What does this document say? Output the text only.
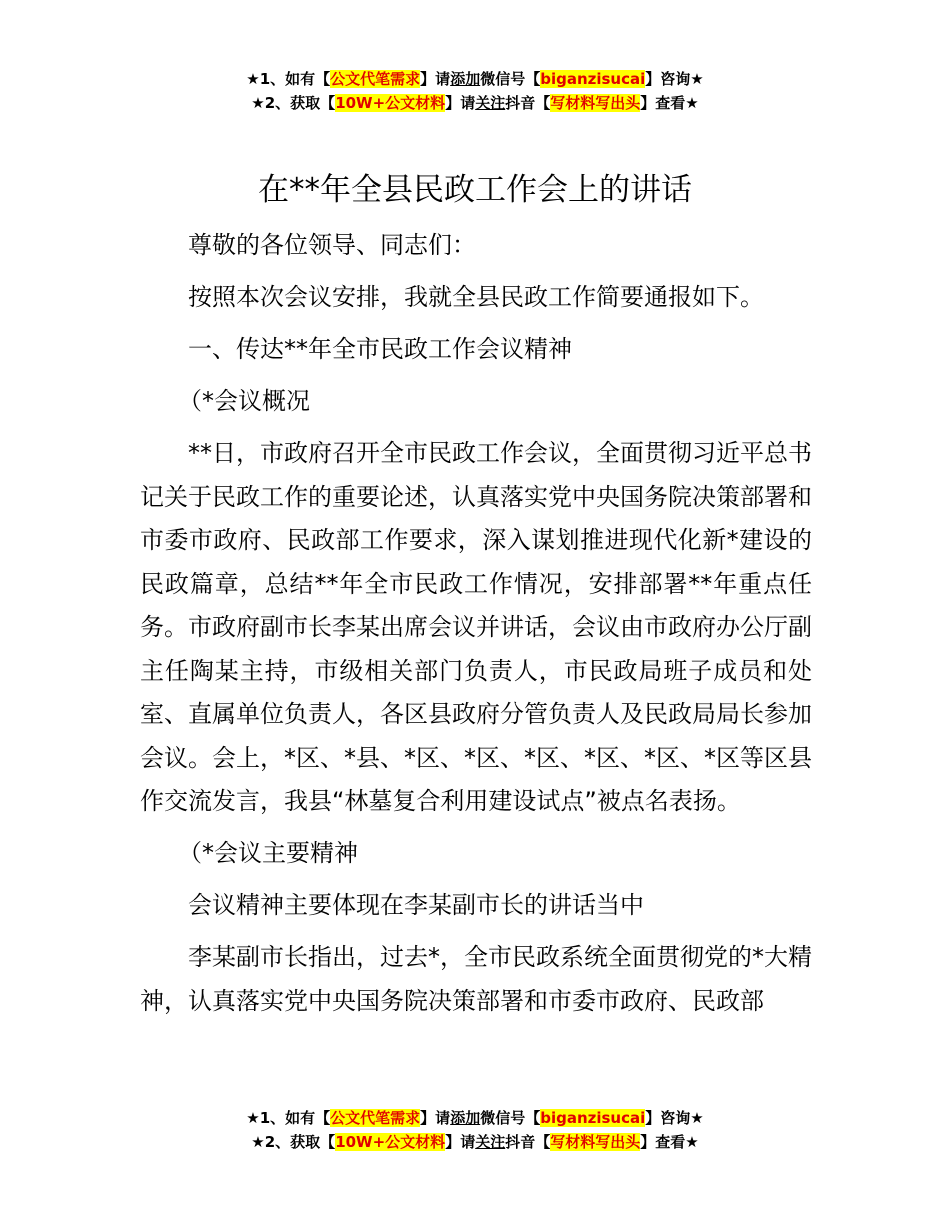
★1、如有【公文代笔需求】请添加微信号【biganzisucai】咨询★
★2、获取【10W+公文材料】请关注抖音【写材料写出头】查看★
在**年全县民政工作会上的讲话

尊敬的各位领导、同志们：

按照本次会议安排，我就全县民政工作简要通报如下。

一、传达**年全市民政工作会议精神

（*会议概况

**日，市政府召开全市民政工作会议，全面贯彻习近平总书记关于民政工作的重要论述，认真落实党中央国务院决策部署和市委市政府、民政部工作要求，深入谋划推进现代化新*建设的民政篇章，总结**年全市民政工作情况，安排部署**年重点任务。市政府副市长李某出席会议并讲话，会议由市政府办公厅副主任陶某主持，市级相关部门负责人，市民政局班子成员和处室、直属单位负责人，各区县政府分管负责人及民政局局长参加会议。会上，*区、*县、*区、*区、*区、*区、*区、*区等区县作交流发言，我县“林墓复合利用建设试点”被点名表扬。

（*会议主要精神

会议精神主要体现在李某副市长的讲话当中

李某副市长指出，过去*，全市民政系统全面贯彻党的*大精神，认真落实党中央国务院决策部署和市委市政府、民政部

★1、如有【公文代笔需求】请添加微信号【biganzisucai】咨询★
★2、获取【10W+公文材料】请关注抖音【写材料写出头】查看★
